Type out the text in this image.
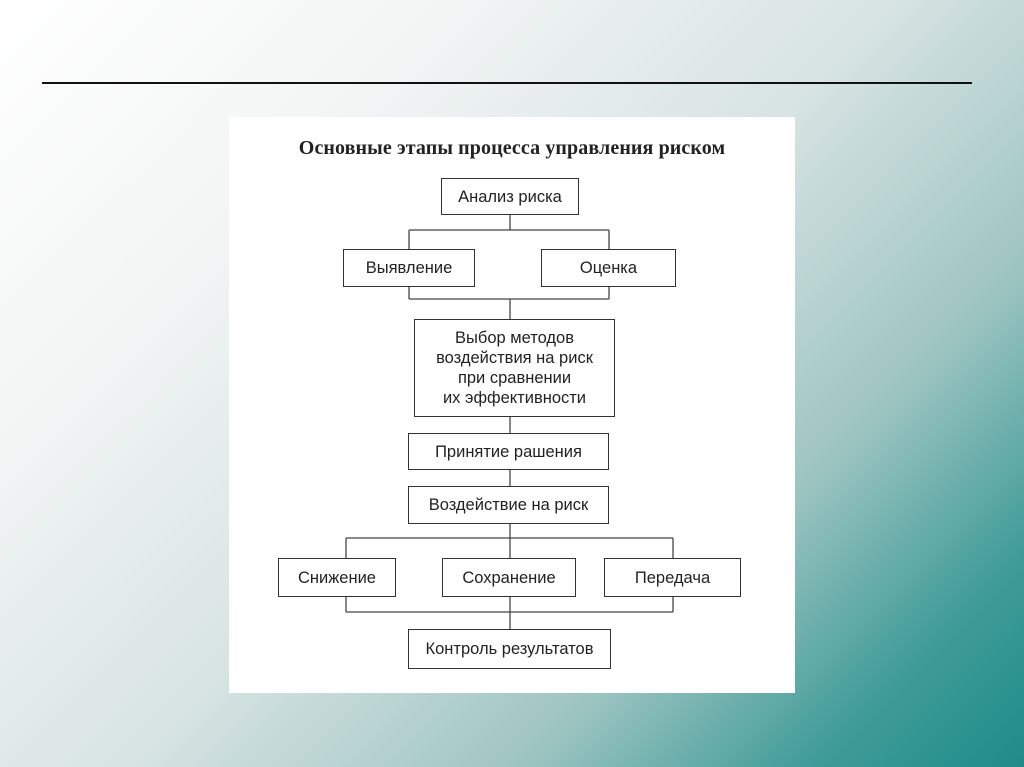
Основные этапы процесса управления риском
Анализ риска
Выявление	Оценка
Выбор методов
воздействия на риск
при сравнении
их эффективности
Принятие рашения
Воздействие на риск
Снижение	Сохранение	Передача
Контроль результатов
